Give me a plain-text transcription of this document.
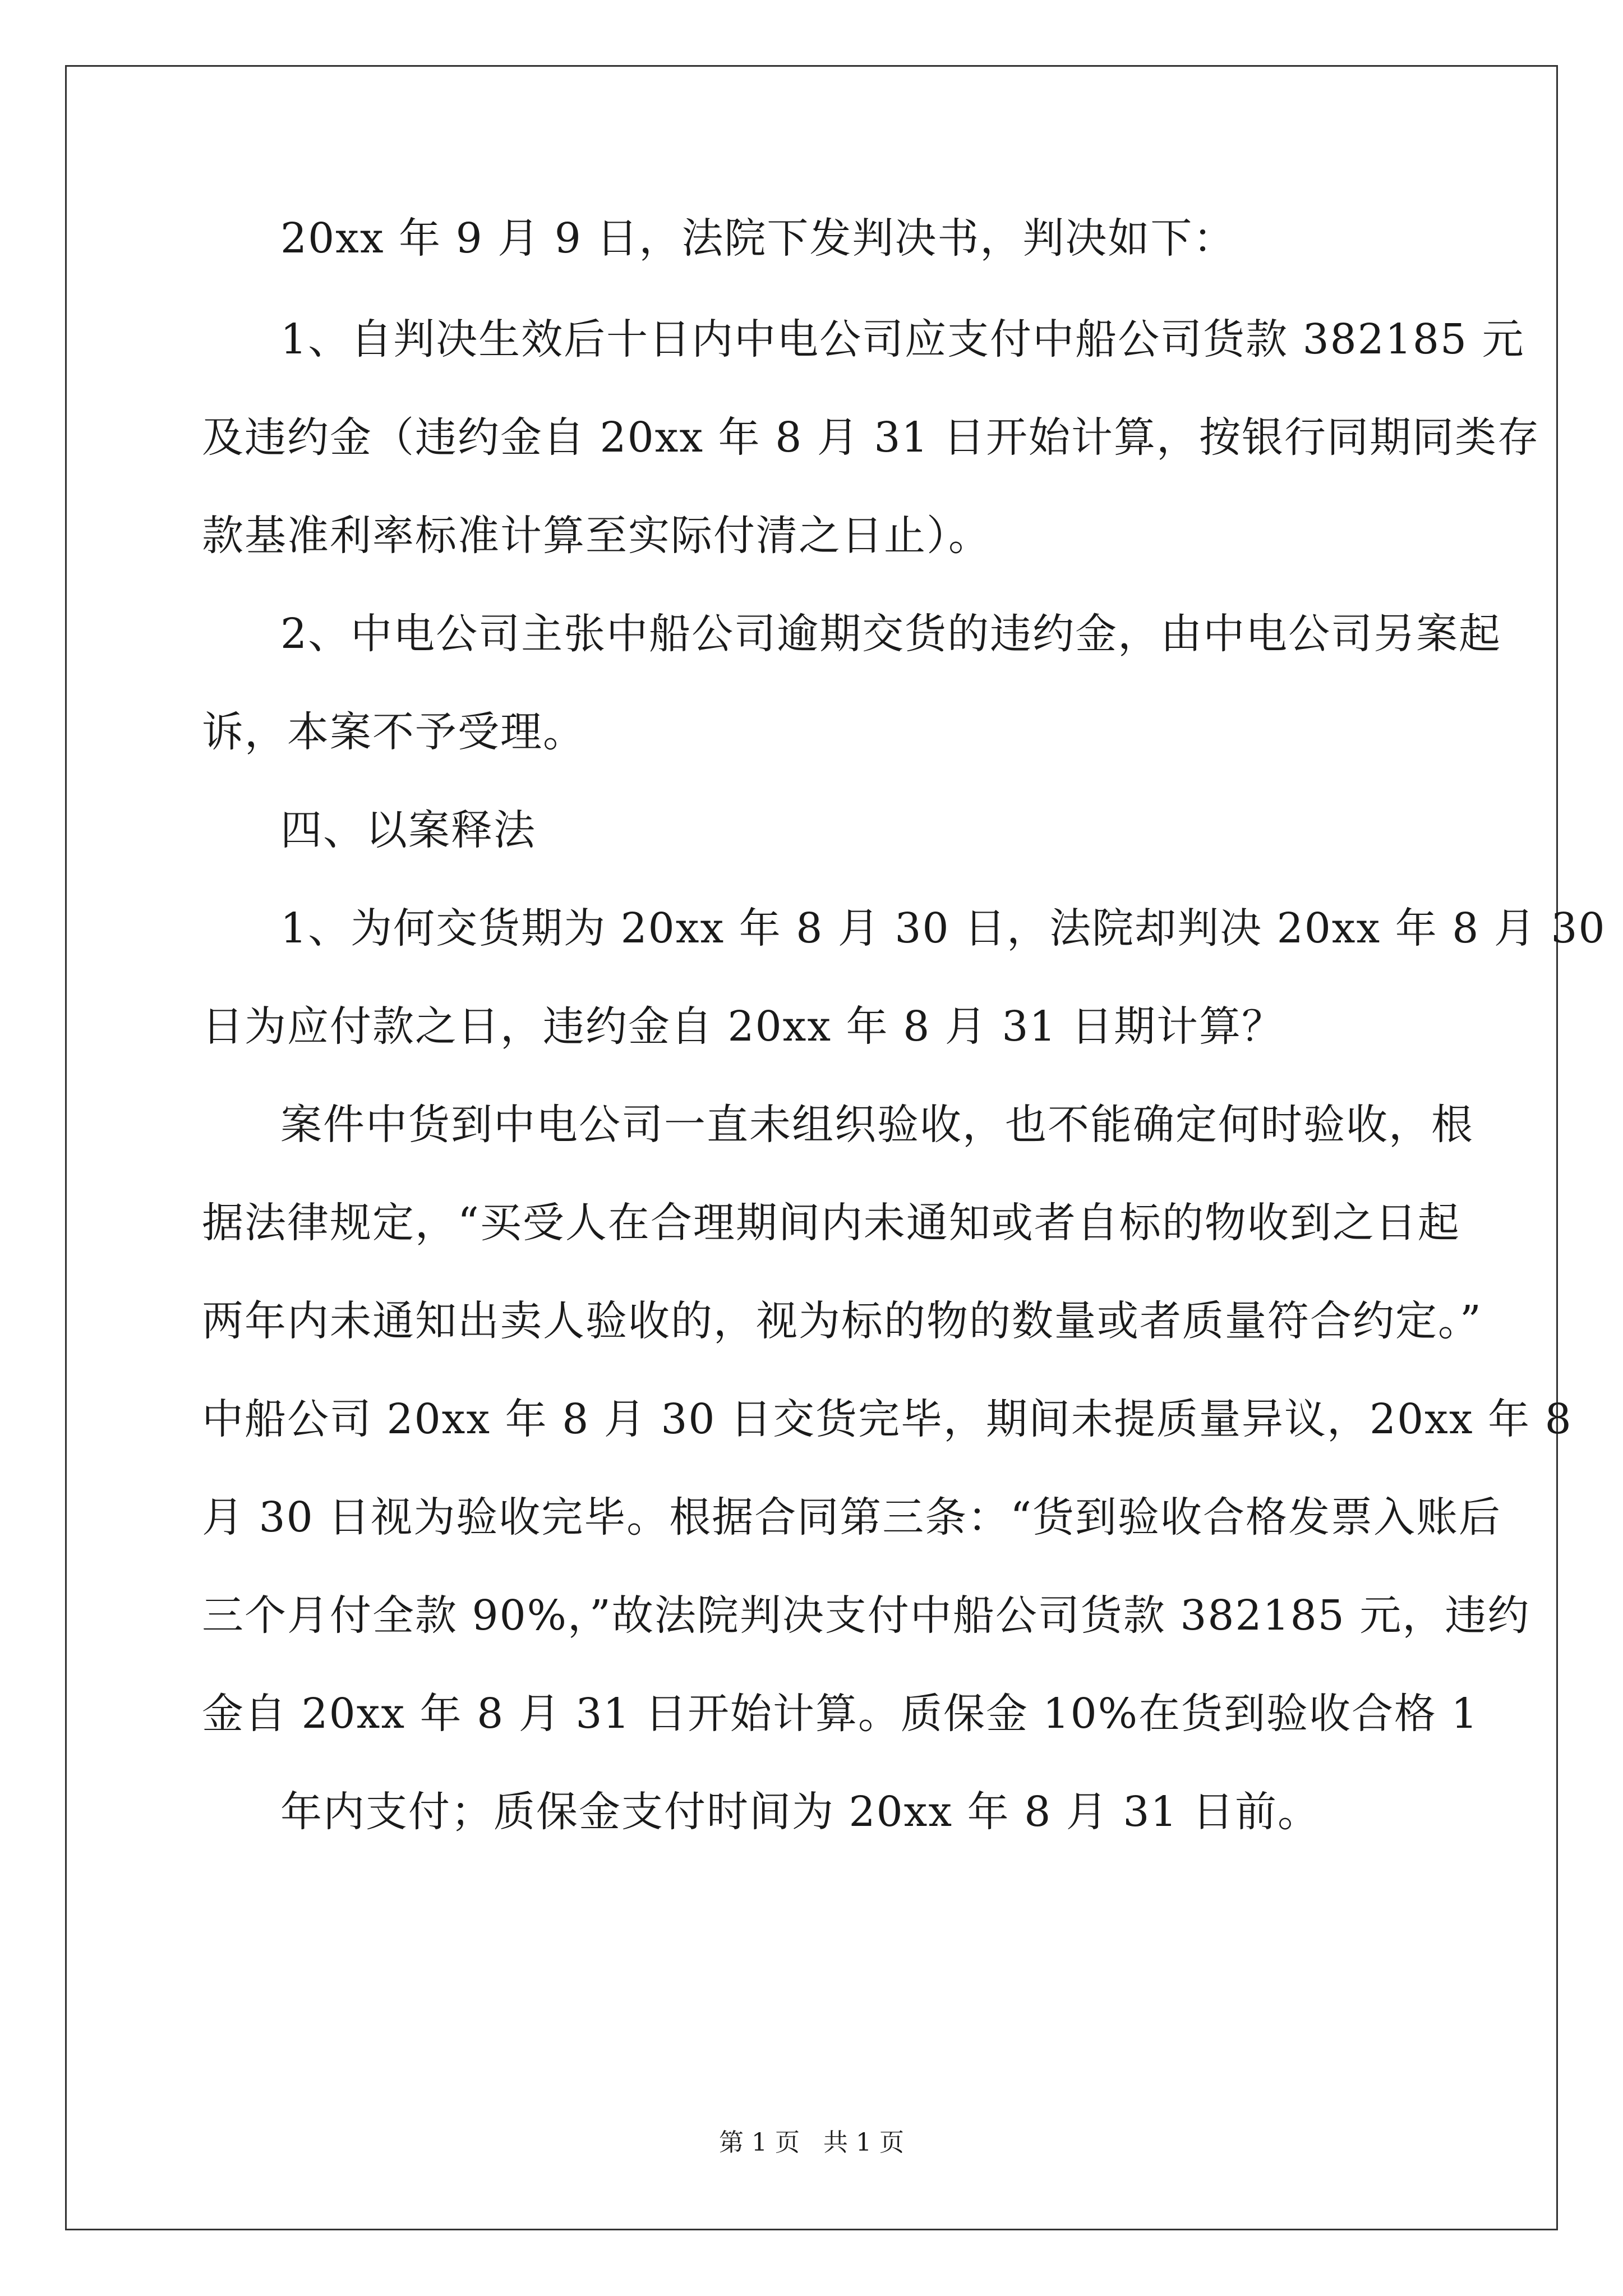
20xx 年 9 月 9 日，法院下发判决书，判决如下：
1、自判决生效后十日内中电公司应支付中船公司货款 382185 元
及违约金（违约金自 20xx 年 8 月 31 日开始计算，按银行同期同类存
款基准利率标准计算至实际付清之日止）。
2、中电公司主张中船公司逾期交货的违约金，由中电公司另案起
诉，本案不予受理。
四、以案释法
1、为何交货期为 20xx 年 8 月 30 日，法院却判决 20xx 年 8 月 30
日为应付款之日，违约金自 20xx 年 8 月 31 日期计算？
案件中货到中电公司一直未组织验收，也不能确定何时验收，根
据法律规定，“买受人在合理期间内未通知或者自标的物收到之日起
两年内未通知出卖人验收的，视为标的物的数量或者质量符合约定。”
中船公司 20xx 年 8 月 30 日交货完毕，期间未提质量异议，20xx 年 8
月 30 日视为验收完毕。根据合同第三条：“货到验收合格发票入账后
三个月付全款 90%，”故法院判决支付中船公司货款 382185 元，违约
金自 20xx 年 8 月 31 日开始计算。质保金 10%在货到验收合格 1
年内支付；质保金支付时间为 20xx 年 8 月 31 日前。
第 1 页   共 1 页
